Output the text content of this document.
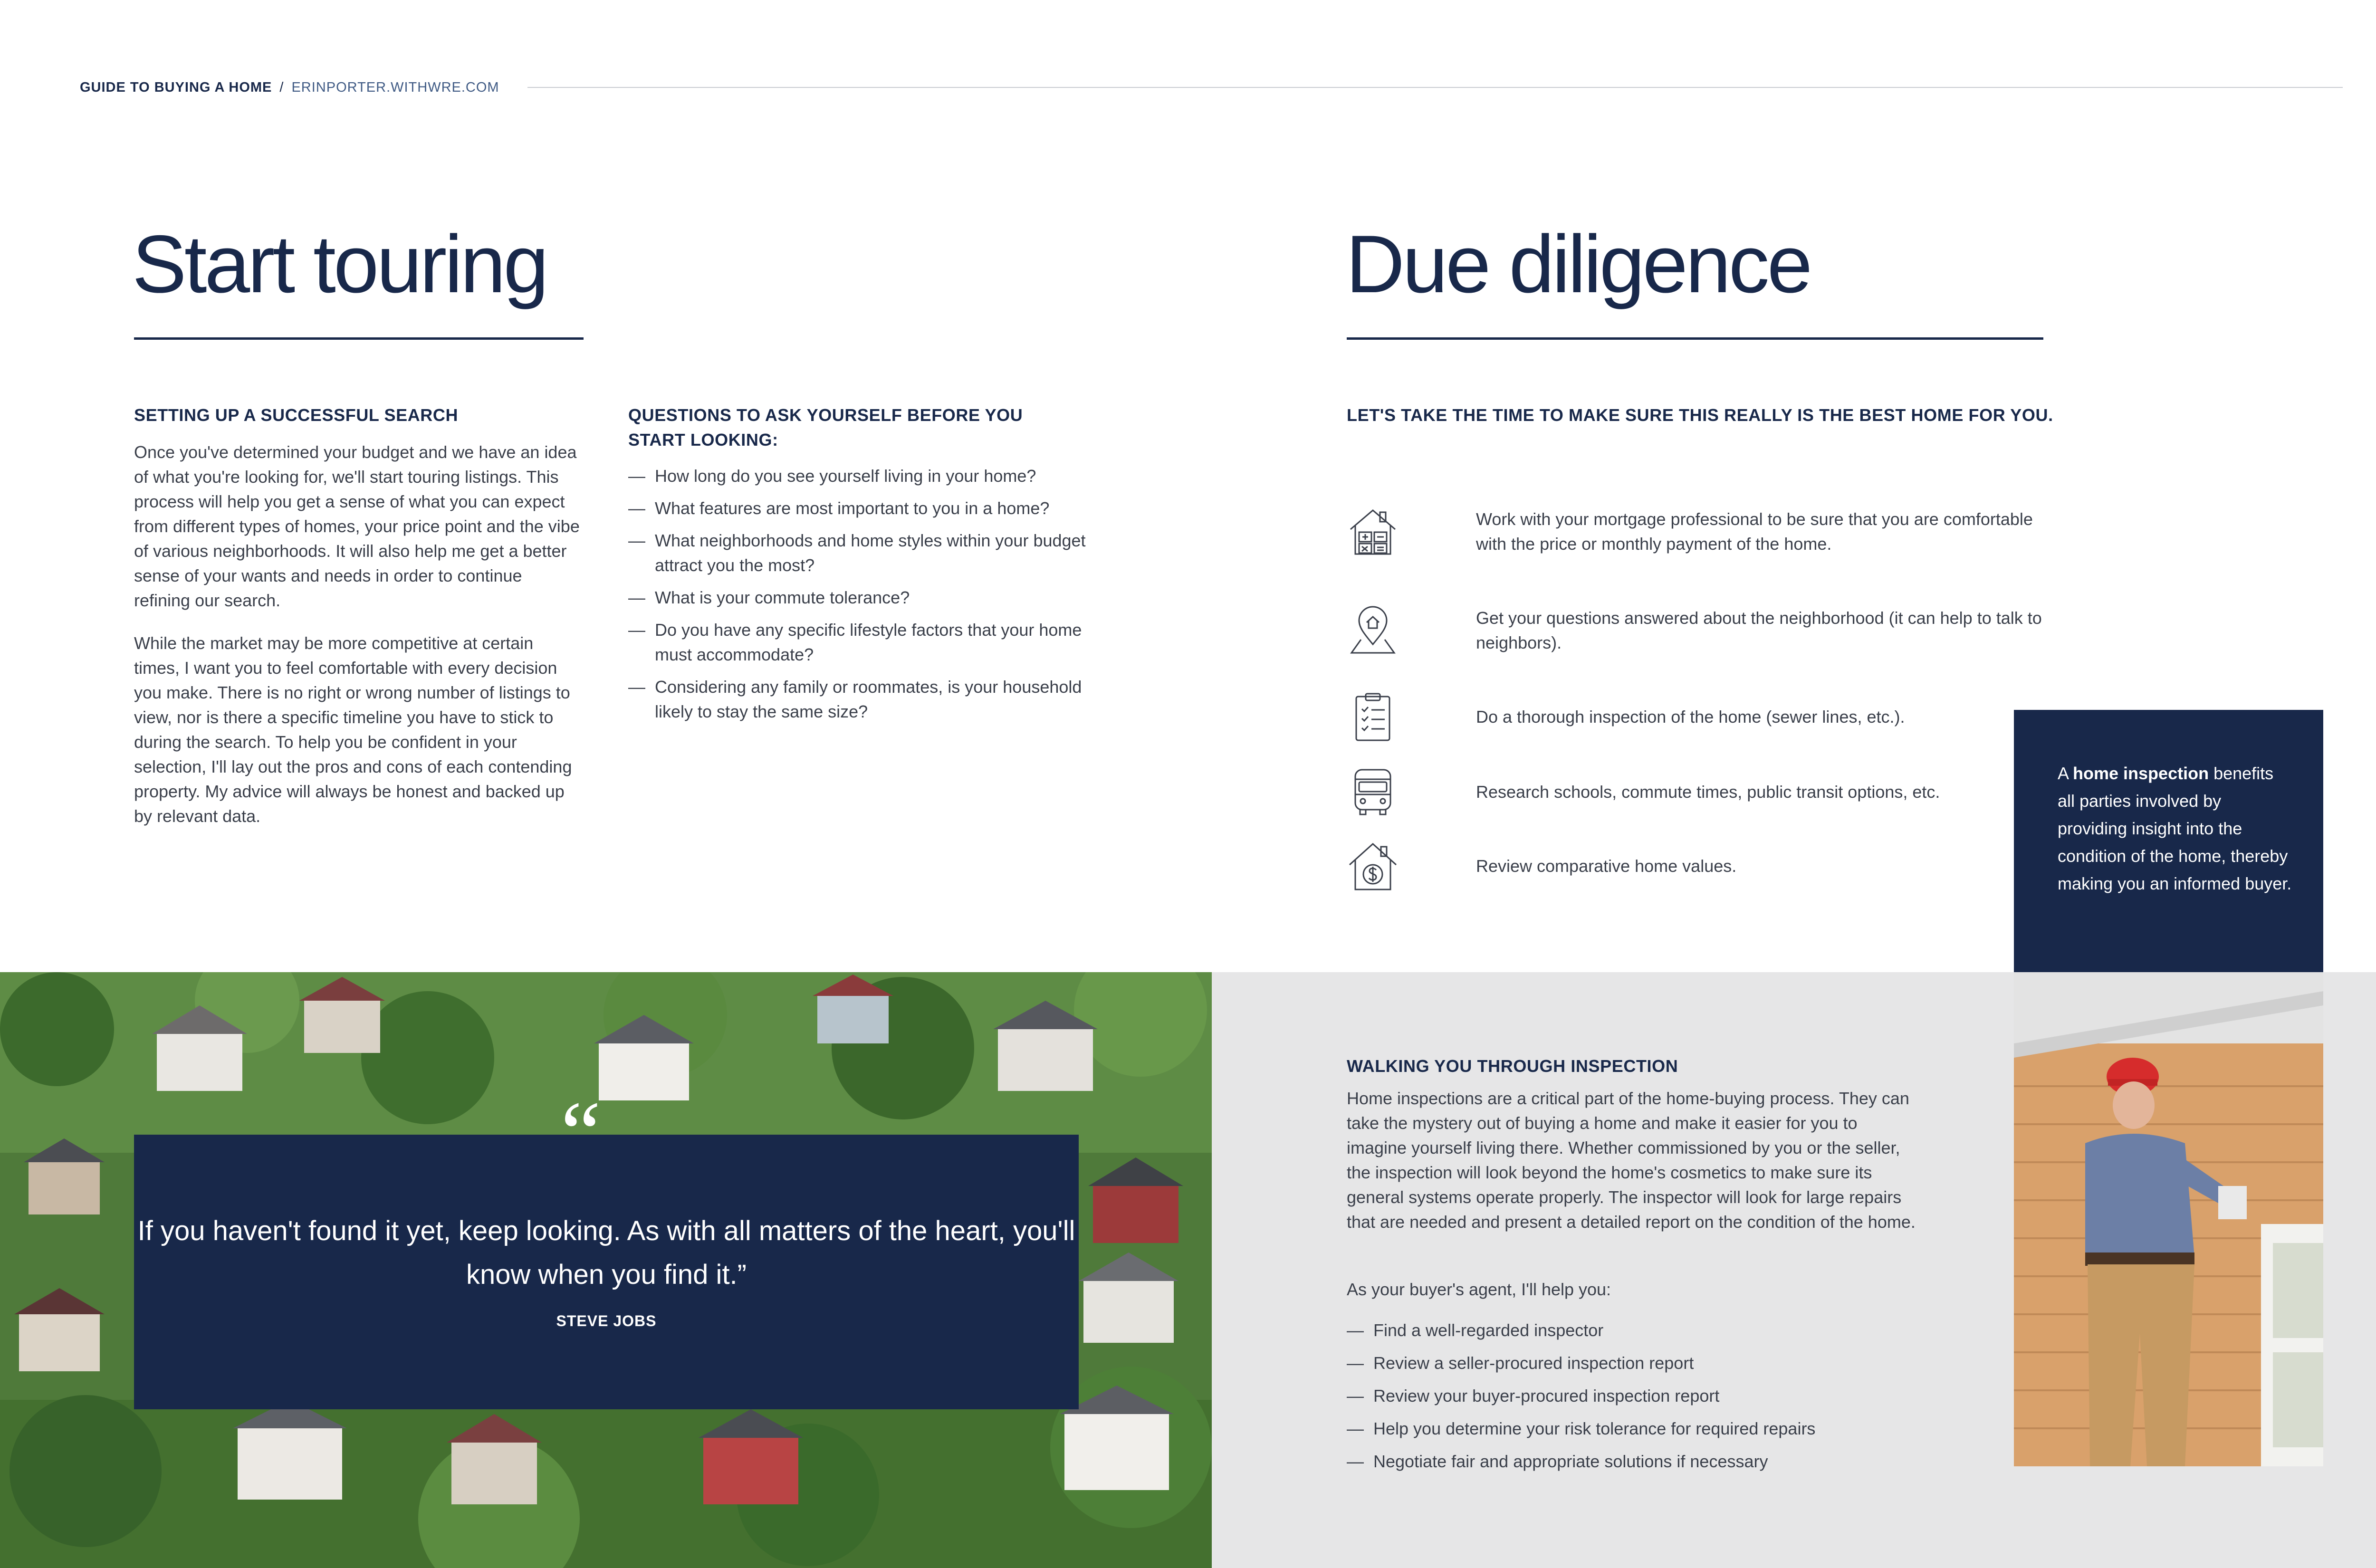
GUIDE TO BUYING A HOME / ERINPORTER.WITHWRE.COM
Start touring
SETTING UP A SUCCESSFUL SEARCH
Once you've determined your budget and we have an idea of what you're looking for, we'll start touring listings. This process will help you get a sense of what you can expect from different types of homes, your price point and the vibe of various neighborhoods. It will also help me get a better sense of your wants and needs in order to continue refining our search.
While the market may be more competitive at certain times, I want you to feel comfortable with every decision you make. There is no right or wrong number of listings to view, nor is there a specific timeline you have to stick to during the search. To help you be confident in your selection, I'll lay out the pros and cons of each contending property. My advice will always be honest and backed up by relevant data.
QUESTIONS TO ASK YOURSELF BEFORE YOU START LOOKING:
— How long do you see yourself living in your home?
— What features are most important to you in a home?
— What neighborhoods and home styles within your budget attract you the most?
— What is your commute tolerance?
— Do you have any specific lifestyle factors that your home must accommodate?
— Considering any family or roommates, is your household likely to stay the same size?
Due diligence
LET'S TAKE THE TIME TO MAKE SURE THIS REALLY IS THE BEST HOME FOR YOU.
Work with your mortgage professional to be sure that you are comfortable with the price or monthly payment of the home.
Get your questions answered about the neighborhood (it can help to talk to neighbors).
Do a thorough inspection of the home (sewer lines, etc.).
Research schools, commute times, public transit options, etc.
Review comparative home values.
A home inspection benefits all parties involved by providing insight into the condition of the home, thereby making you an informed buyer.
WALKING YOU THROUGH INSPECTION
Home inspections are a critical part of the home-buying process. They can take the mystery out of buying a home and make it easier for you to imagine yourself living there. Whether commissioned by you or the seller, the inspection will look beyond the home's cosmetics to make sure its general systems operate properly. The inspector will look for large repairs that are needed and present a detailed report on the condition of the home.
As your buyer's agent, I'll help you:
— Find a well-regarded inspector
— Review a seller-procured inspection report
— Review your buyer-procured inspection report
— Help you determine your risk tolerance for required repairs
— Negotiate fair and appropriate solutions if necessary
“
If you haven't found it yet, keep looking. As with all matters of the heart, you'll know when you find it.”
STEVE JOBS
